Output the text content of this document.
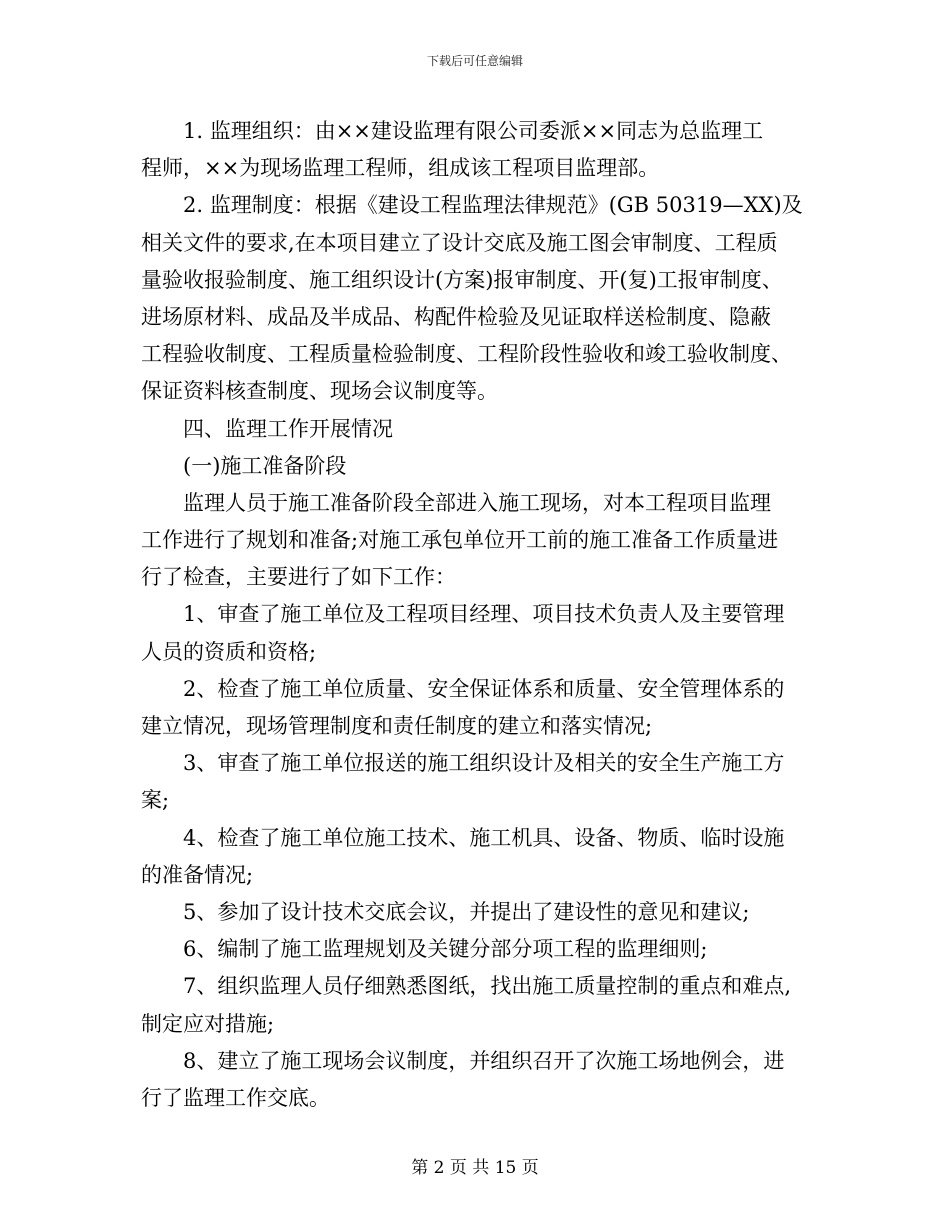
下载后可任意编辑
1. 监理组织：由××建设监理有限公司委派××同志为总监理工
程师，××为现场监理工程师，组成该工程项目监理部。
2. 监理制度：根据《建设工程监理法律规范》(GB 50319—XX)及
相关文件的要求,在本项目建立了设计交底及施工图会审制度、工程质
量验收报验制度、施工组织设计(方案)报审制度、开(复)工报审制度、
进场原材料、成品及半成品、构配件检验及见证取样送检制度、隐蔽
工程验收制度、工程质量检验制度、工程阶段性验收和竣工验收制度、
保证资料核查制度、现场会议制度等。
四、监理工作开展情况
(一)施工准备阶段
监理人员于施工准备阶段全部进入施工现场，对本工程项目监理
工作进行了规划和准备;对施工承包单位开工前的施工准备工作质量进
行了检查，主要进行了如下工作：
1、审查了施工单位及工程项目经理、项目技术负责人及主要管理
人员的资质和资格;
2、检查了施工单位质量、安全保证体系和质量、安全管理体系的
建立情况，现场管理制度和责任制度的建立和落实情况;
3、审查了施工单位报送的施工组织设计及相关的安全生产施工方
案;
4、检查了施工单位施工技术、施工机具、设备、物质、临时设施
的准备情况;
5、参加了设计技术交底会议，并提出了建设性的意见和建议;
6、编制了施工监理规划及关键分部分项工程的监理细则;
7、组织监理人员仔细熟悉图纸，找出施工质量控制的重点和难点,
制定应对措施;
8、建立了施工现场会议制度，并组织召开了次施工场地例会，进
行了监理工作交底。
第 2 页 共 15 页
